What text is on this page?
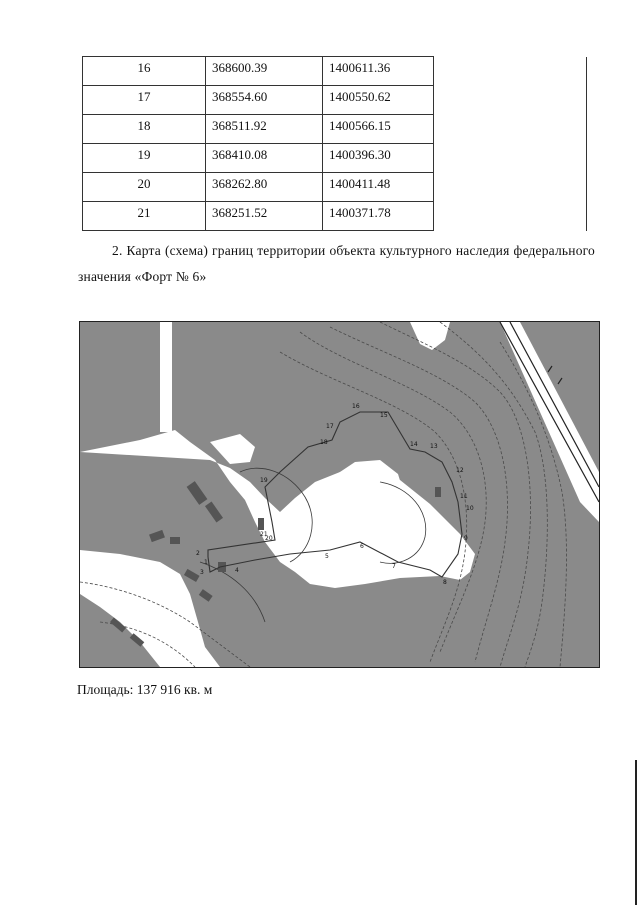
16	368600.39	1400611.36	
17	368554.60	1400550.62	
18	368511.92	1400566.15	
19	368410.08	1400396.30	
20	368262.80	1400411.48	
21	368251.52	1400371.78	
2. Карта (схема) границ территории объекта культурного наследия федерального значения «Форт № 6»
2
3	4
5
6
7
8
9
10
11
12
13
14
15
16
17
18
19
20
21
1
Площадь: 137 916 кв. м
